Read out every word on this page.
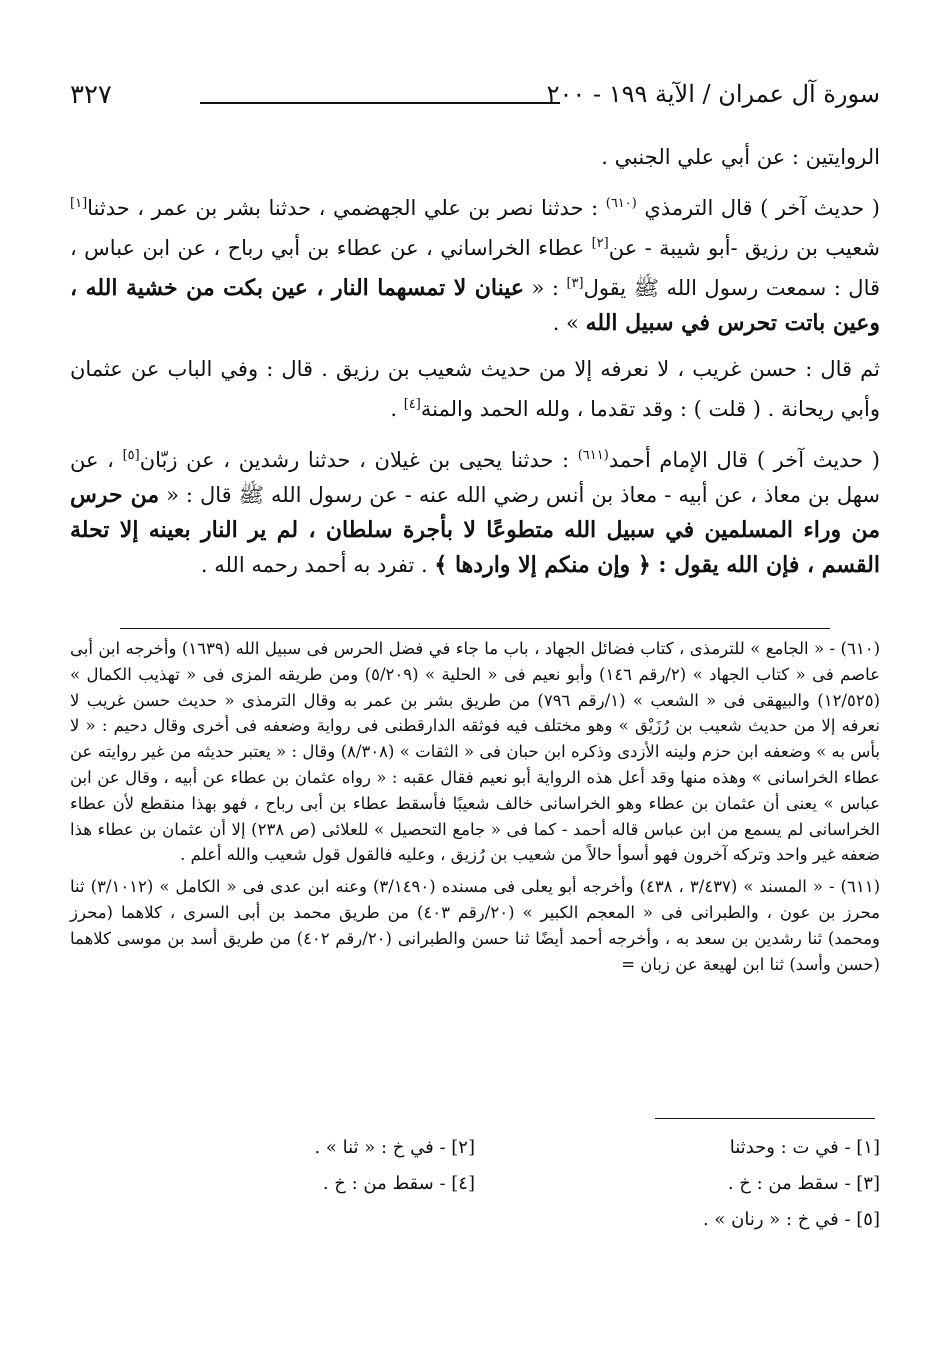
٣٢٧	سورة آل عمران / الآية ١٩٩ - ٢٠٠

الروايتين : عن أبي علي الجنبي .

( حديث آخر ) قال الترمذي $^{(٦١٠)}$ : حدثنا نصر بن علي الجهضمي ، حدثنا بشر بن عمر ، حدثنا[١] شعيب بن رزيق -أبو شيبة - عن[٢] عطاء الخراساني ، عن عطاء بن أبي رباح ، عن ابن عباس ، قال : سمعت رسول الله ﷺ يقول[٣] : « عينان لا تمسهما النار ، عين بكت من خشية الله ، وعين باتت تحرس في سبيل الله » .

ثم قال : حسن غريب ، لا نعرفه إلا من حديث شعيب بن رزيق . قال : وفي الباب عن عثمان وأبي ريحانة . ( قلت ) : وقد تقدما ، ولله الحمد والمنة[٤] .

( حديث آخر ) قال الإمام أحمد$^{(٦١١)}$ : حدثنا يحيى بن غيلان ، حدثنا رشدين ، عن زبّان[٥] ، عن سهل بن معاذ ، عن أبيه - معاذ بن أنس رضي الله عنه - عن رسول الله ﷺ قال : « من حرس من وراء المسلمين في سبيل الله متطوعًا لا بأجرة سلطان ، لم ير النار بعينه إلا تحلة القسم ، فإن الله يقول : ﴿ وإن منكم إلا واردها ﴾ . تفرد به أحمد رحمه الله .

(٦١٠) - « الجامع » للترمذى ، كتاب فضائل الجهاد ، باب ما جاء في فضل الحرس فى سبيل الله (١٦٣٩) وأخرجه ابن أبى عاصم فى « كتاب الجهاد » (٢/رقم ١٤٦) وأبو نعيم فى « الحلية » (٥/٢٠٩) ومن طريقه المزى فى « تهذيب الكمال » (١٢/٥٢٥) والبيهقى فى « الشعب » (١/رقم ٧٩٦) من طريق بشر بن عمر به وقال الترمذى « حديث حسن غريب لا نعرفه إلا من حديث شعيب بن رُزَيْق » وهو مختلف فيه فوثقه الدارقطنى فى رواية وضعفه فى أخرى وقال دحيم : « لا بأس به » وضعفه ابن حزم ولينه الأزدى وذكره ابن حبان فى « الثقات » (٨/٣٠٨) وقال : « يعتبر حديثه من غير روايته عن عطاء الخراسانى » وهذه منها وقد أعل هذه الرواية أبو نعيم فقال عقبه : « رواه عثمان بن عطاء عن أبيه ، وقال عن ابن عباس » يعنى أن عثمان بن عطاء وهو الخراسانى خالف شعيبًا فأسقط عطاء بن أبى رباح ، فهو بهذا منقطع لأن عطاء الخراسانى لم يسمع من ابن عباس قاله أحمد - كما فى « جامع التحصيل » للعلائى (ص ٢٣٨) إلا أن عثمان بن عطاء هذا ضعفه غير واحد وتركه آخرون فهو أسوأ حالاً من شعيب بن رُزيق ، وعليه فالقول قول شعيب والله أعلم .

(٦١١) - « المسند » (٣/٤٣٧ ، ٤٣٨) وأخرجه أبو يعلى فى مسنده (٣/١٤٩٠) وعنه ابن عدى فى « الكامل » (٣/١٠١٢) ثنا محرز بن عون ، والطبرانى فى « المعجم الكبير » (٢٠/رقم ٤٠٣) من طريق محمد بن أبى السرى ، كلاهما (محرز ومحمد) ثنا رشدين بن سعد به ، وأخرجه أحمد أيضًا ثنا حسن والطبرانى (٢٠/رقم ٤٠٢) من طريق أسد بن موسى كلاهما (حسن وأسد) ثنا ابن لهيعة عن زبان =

[١] - في ت : وحدثنا
[٢] - في خ : « ثنا » .
[٣] - سقط من : خ .
[٤] - سقط من : خ .
[٥] - في خ : « رنان » .
